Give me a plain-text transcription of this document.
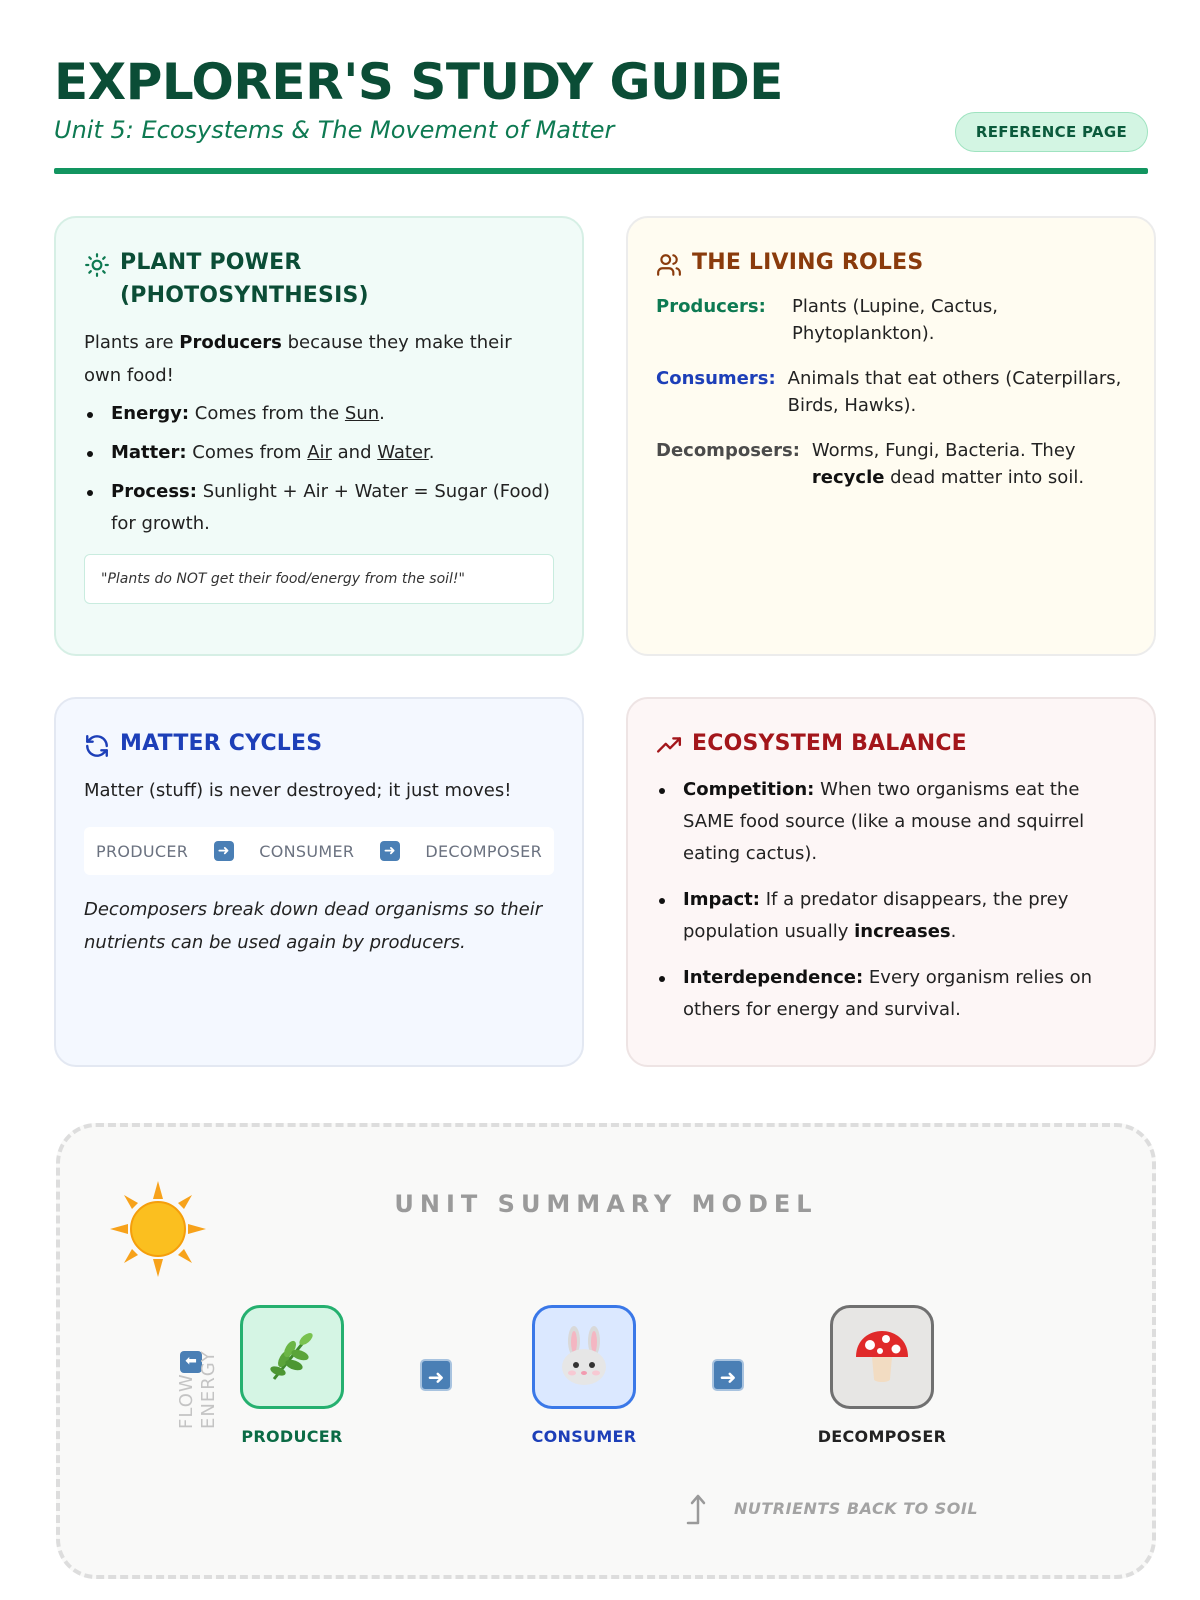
EXPLORER'S STUDY GUIDE
Unit 5: Ecosystems & The Movement of Matter	REFERENCE PAGE
PLANT POWER (PHOTOSYNTHESIS)
Plants are Producers because they make their own food!
Energy: Comes from the Sun.
Matter: Comes from Air and Water.
Process: Sunlight + Air + Water = Sugar (Food) for growth.
"Plants do NOT get their food/energy from the soil!"
THE LIVING ROLES
Producers:	Plants (Lupine, Cactus, Phytoplankton).
Consumers: Animals that eat others (Caterpillars, Birds, Hawks).
Decomposers: Worms, Fungi, Bacteria. They recycle dead matter into soil.
MATTER CYCLES
Matter (stuff) is never destroyed; it just moves!
PRODUCER ➜ CONSUMER ➜ DECOMPOSER
Decomposers break down dead organisms so their nutrients can be used again by producers.
ECOSYSTEM BALANCE
Competition: When two organisms eat the SAME food source (like a mouse and squirrel eating cactus).
Impact: If a predator disappears, the prey population usually increases.
Interdependence: Every organism relies on others for energy and survival.
UNIT SUMMARY MODEL
⬅
FLOW ENERGY
PRODUCER
➜
CONSUMER
➜
DECOMPOSER
NUTRIENTS BACK TO SOIL
